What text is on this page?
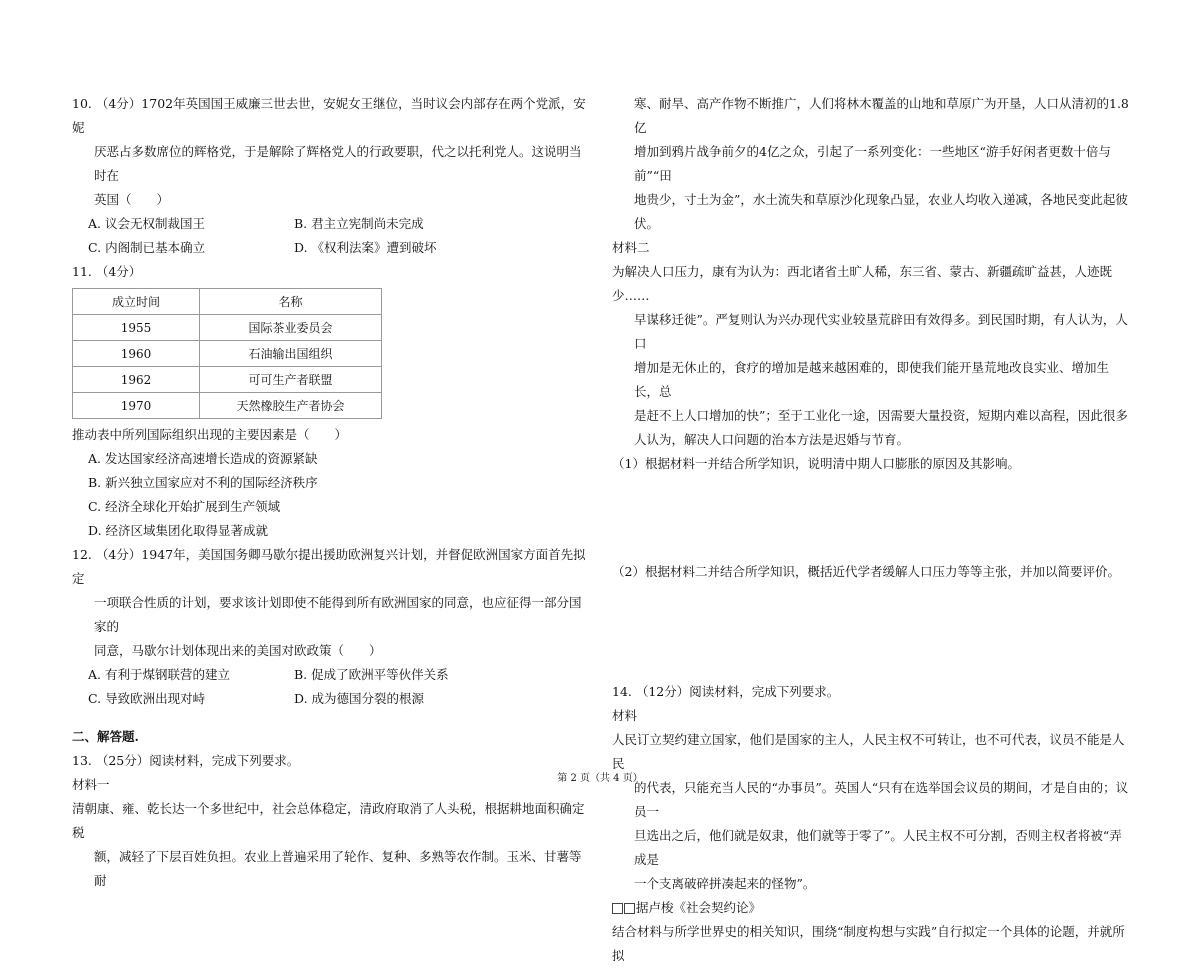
10. （4分）1702年英国国王威廉三世去世，安妮女王继位，当时议会内部存在两个党派，安妮

厌恶占多数席位的辉格党，于是解除了辉格党人的行政要职，代之以托利党人。这说明当时在

英国（　　）

A. 议会无权制裁国王	B. 君主立宪制尚未完成
C. 内阁制已基本确立	D. 《权利法案》遭到破坏

11. （4分）

成立时间	名称
1955	国际茶业委员会
1960	石油输出国组织
1962	可可生产者联盟
1970	天然橡胶生产者协会

推动表中所列国际组织出现的主要因素是（　　）

A. 发达国家经济高速增长造成的资源紧缺

B. 新兴独立国家应对不利的国际经济秩序

C. 经济全球化开始扩展到生产领域

D. 经济区域集团化取得显著成就

12. （4分）1947年，美国国务卿马歇尔提出援助欧洲复兴计划，并督促欧洲国家方面首先拟定

一项联合性质的计划，要求该计划即使不能得到所有欧洲国家的同意，也应征得一部分国家的

同意，马歇尔计划体现出来的美国对欧政策（　　）

A. 有利于煤钢联营的建立	B. 促成了欧洲平等伙伴关系
C. 导致欧洲出现对峙	D. 成为德国分裂的根源

二、解答题.

13. （25分）阅读材料，完成下列要求。

材料一

清朝康、雍、乾长达一个多世纪中，社会总体稳定，清政府取消了人头税，根据耕地面积确定税

额，减轻了下层百姓负担。农业上普遍采用了轮作、复种、多熟等农作制。玉米、甘薯等耐

寒、耐旱、高产作物不断推广，人们将林木覆盖的山地和草原广为开垦，人口从清初的1.8亿

增加到鸦片战争前夕的4亿之众，引起了一系列变化：一些地区“游手好闲者更数十倍与前”“田

地贵少，寸土为金”，水土流失和草原沙化现象凸显，农业人均收入递减，各地民变此起彼

伏。

材料二

为解决人口压力，康有为认为：西北诸省土旷人稀，东三省、蒙古、新疆疏旷益甚，人迹既少……

早谋移迁徙”。严复则认为兴办现代实业较垦荒辟田有效得多。到民国时期，有人认为，人口

增加是无休止的，食疗的增加是越来越困难的，即使我们能开垦荒地改良实业、增加生长，总

是赶不上人口增加的快”；至于工业化一途，因需要大量投资，短期内难以高程，因此很多

人认为，解决人口问题的治本方法是迟婚与节育。

（1）根据材料一并结合所学知识，说明清中期人口膨胀的原因及其影响。

（2）根据材料二并结合所学知识，概括近代学者缓解人口压力等等主张，并加以简要评价。

14. （12分）阅读材料，完成下列要求。

材料

人民订立契约建立国家，他们是国家的主人，人民主权不可转让，也不可代表，议员不能是人民

的代表，只能充当人民的“办事员”。英国人“只有在选举国会议员的期间，才是自由的；议员一

旦选出之后，他们就是奴隶，他们就等于零了”。人民主权不可分割，否则主权者将被“弄成是

一个支离破碎拼凑起来的怪物”。

据卢梭《社会契约论》

结合材料与所学世界史的相关知识，围绕“制度构想与实践”自行拟定一个具体的论题，并就所拟

第 2 页（共 4 页）
